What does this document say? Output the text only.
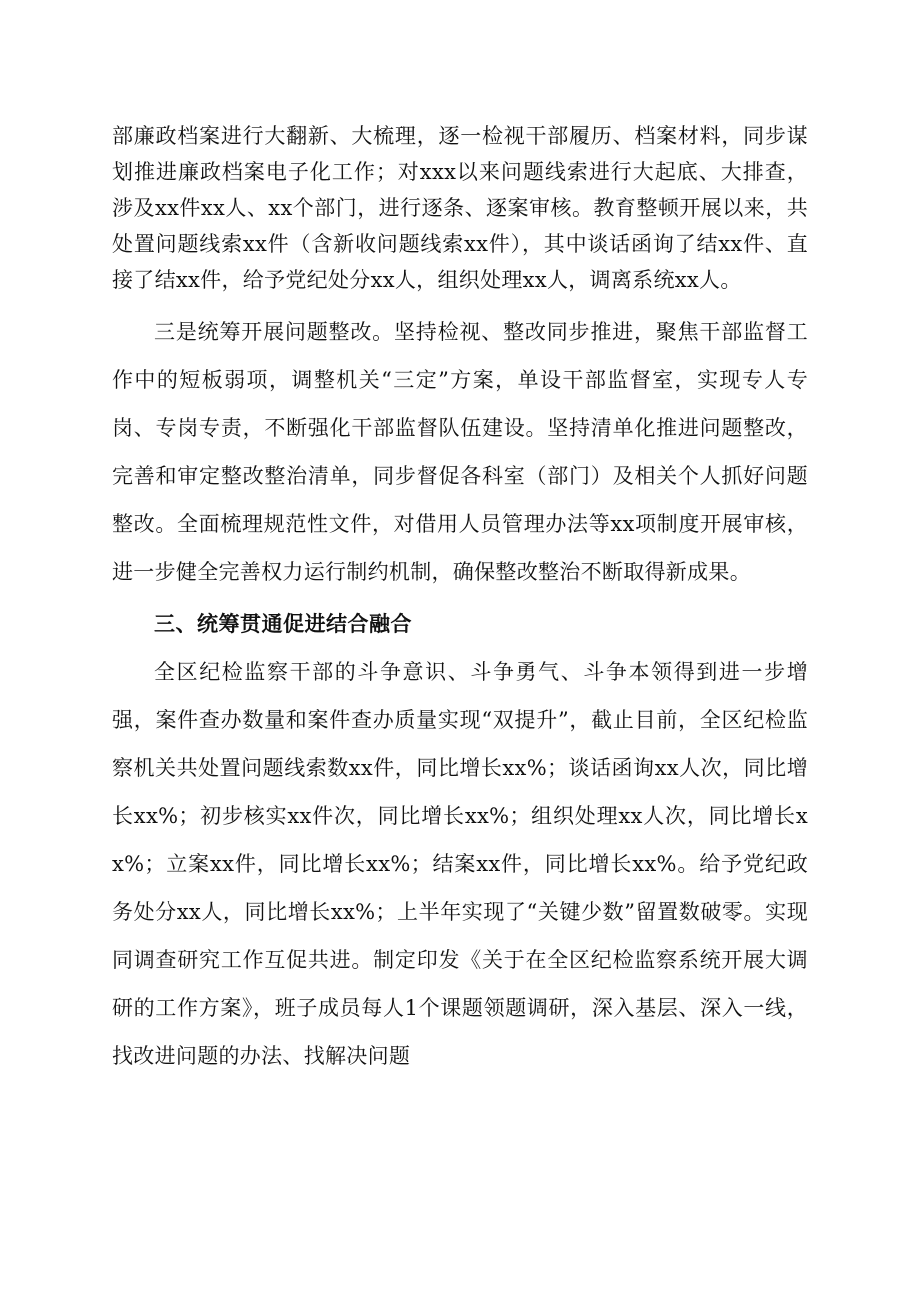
部廉政档案进行大翻新、大梳理，逐一检视干部履历、档案材料，同步谋划推进廉政档案电子化工作；对xxx以来问题线索进行大起底、大排查，涉及xx件xx人、xx个部门，进行逐条、逐案审核。教育整顿开展以来，共处置问题线索xx件（含新收问题线索xx件），其中谈话函询了结xx件、直接了结xx件，给予党纪处分xx人，组织处理xx人，调离系统xx人。

三是统筹开展问题整改。坚持检视、整改同步推进，聚焦干部监督工作中的短板弱项，调整机关“三定”方案，单设干部监督室，实现专人专岗、专岗专责，不断强化干部监督队伍建设。坚持清单化推进问题整改，完善和审定整改整治清单，同步督促各科室（部门）及相关个人抓好问题整改。全面梳理规范性文件，对借用人员管理办法等xx项制度开展审核，进一步健全完善权力运行制约机制，确保整改整治不断取得新成果。

三、统筹贯通促进结合融合

全区纪检监察干部的斗争意识、斗争勇气、斗争本领得到进一步增强，案件查办数量和案件查办质量实现“双提升”，截止目前，全区纪检监察机关共处置问题线索数xx件，同比增长xx%；谈话函询xx人次，同比增长xx%；初步核实xx件次，同比增长xx%；组织处理xx人次，同比增长xx%；立案xx件，同比增长xx%；结案xx件，同比增长xx%。给予党纪政务处分xx人，同比增长xx%；上半年实现了“关键少数”留置数破零。实现同调查研究工作互促共进。制定印发《关于在全区纪检监察系统开展大调研的工作方案》，班子成员每人1个课题领题调研，深入基层、深入一线，找改进问题的办法、找解决问题
